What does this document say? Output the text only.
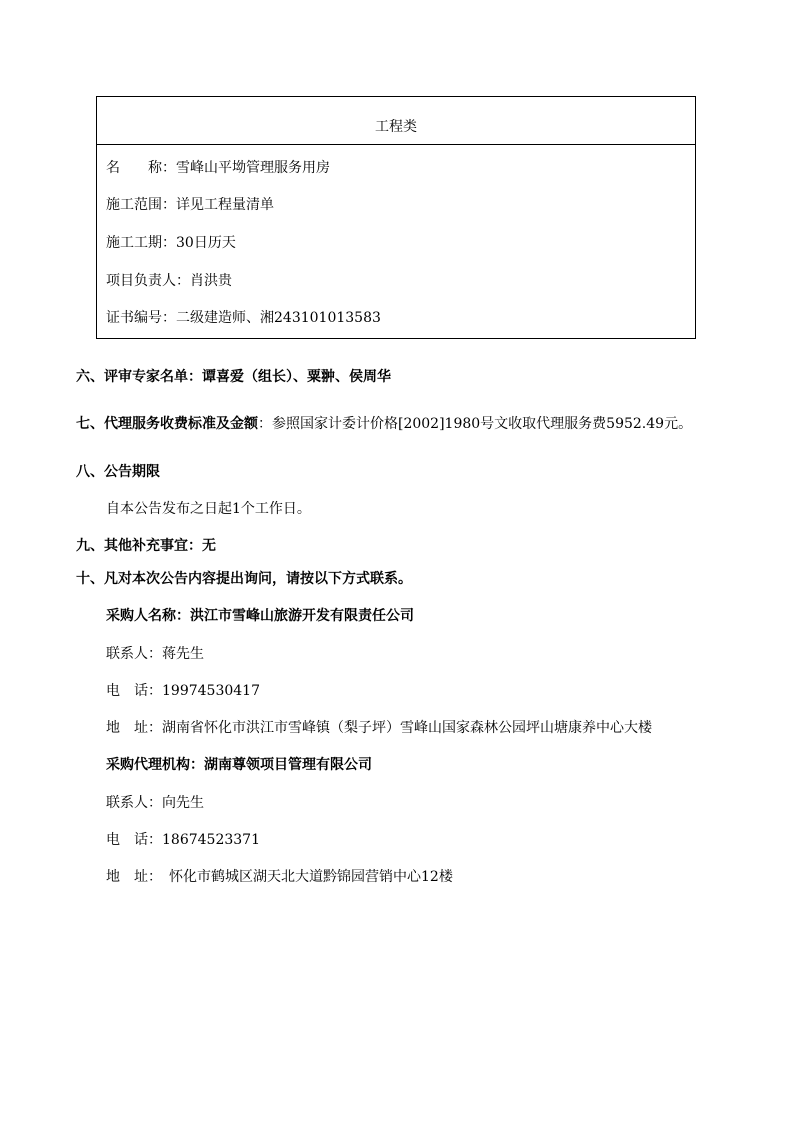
工程类
名　　称：雪峰山平坳管理服务用房
施工范围：详见工程量清单
施工工期：30日历天
项目负责人：肖洪贵
证书编号：二级建造师、湘243101013583
六、评审专家名单：谭喜爱（组长）、粟翀、侯周华
七、代理服务收费标准及金额：参照国家计委计价格[2002]1980号文收取代理服务费5952.49元。
八、公告期限
自本公告发布之日起1个工作日。
九、其他补充事宜：无
十、凡对本次公告内容提出询问，请按以下方式联系。
采购人名称：洪江市雪峰山旅游开发有限责任公司
联系人：蒋先生
电　话：19974530417
地　址：湖南省怀化市洪江市雪峰镇（梨子坪）雪峰山国家森林公园坪山塘康养中心大楼
采购代理机构：湖南尊领项目管理有限公司
联系人：向先生
电　话：18674523371
地　址：　怀化市鹤城区湖天北大道黔锦园营销中心12楼
